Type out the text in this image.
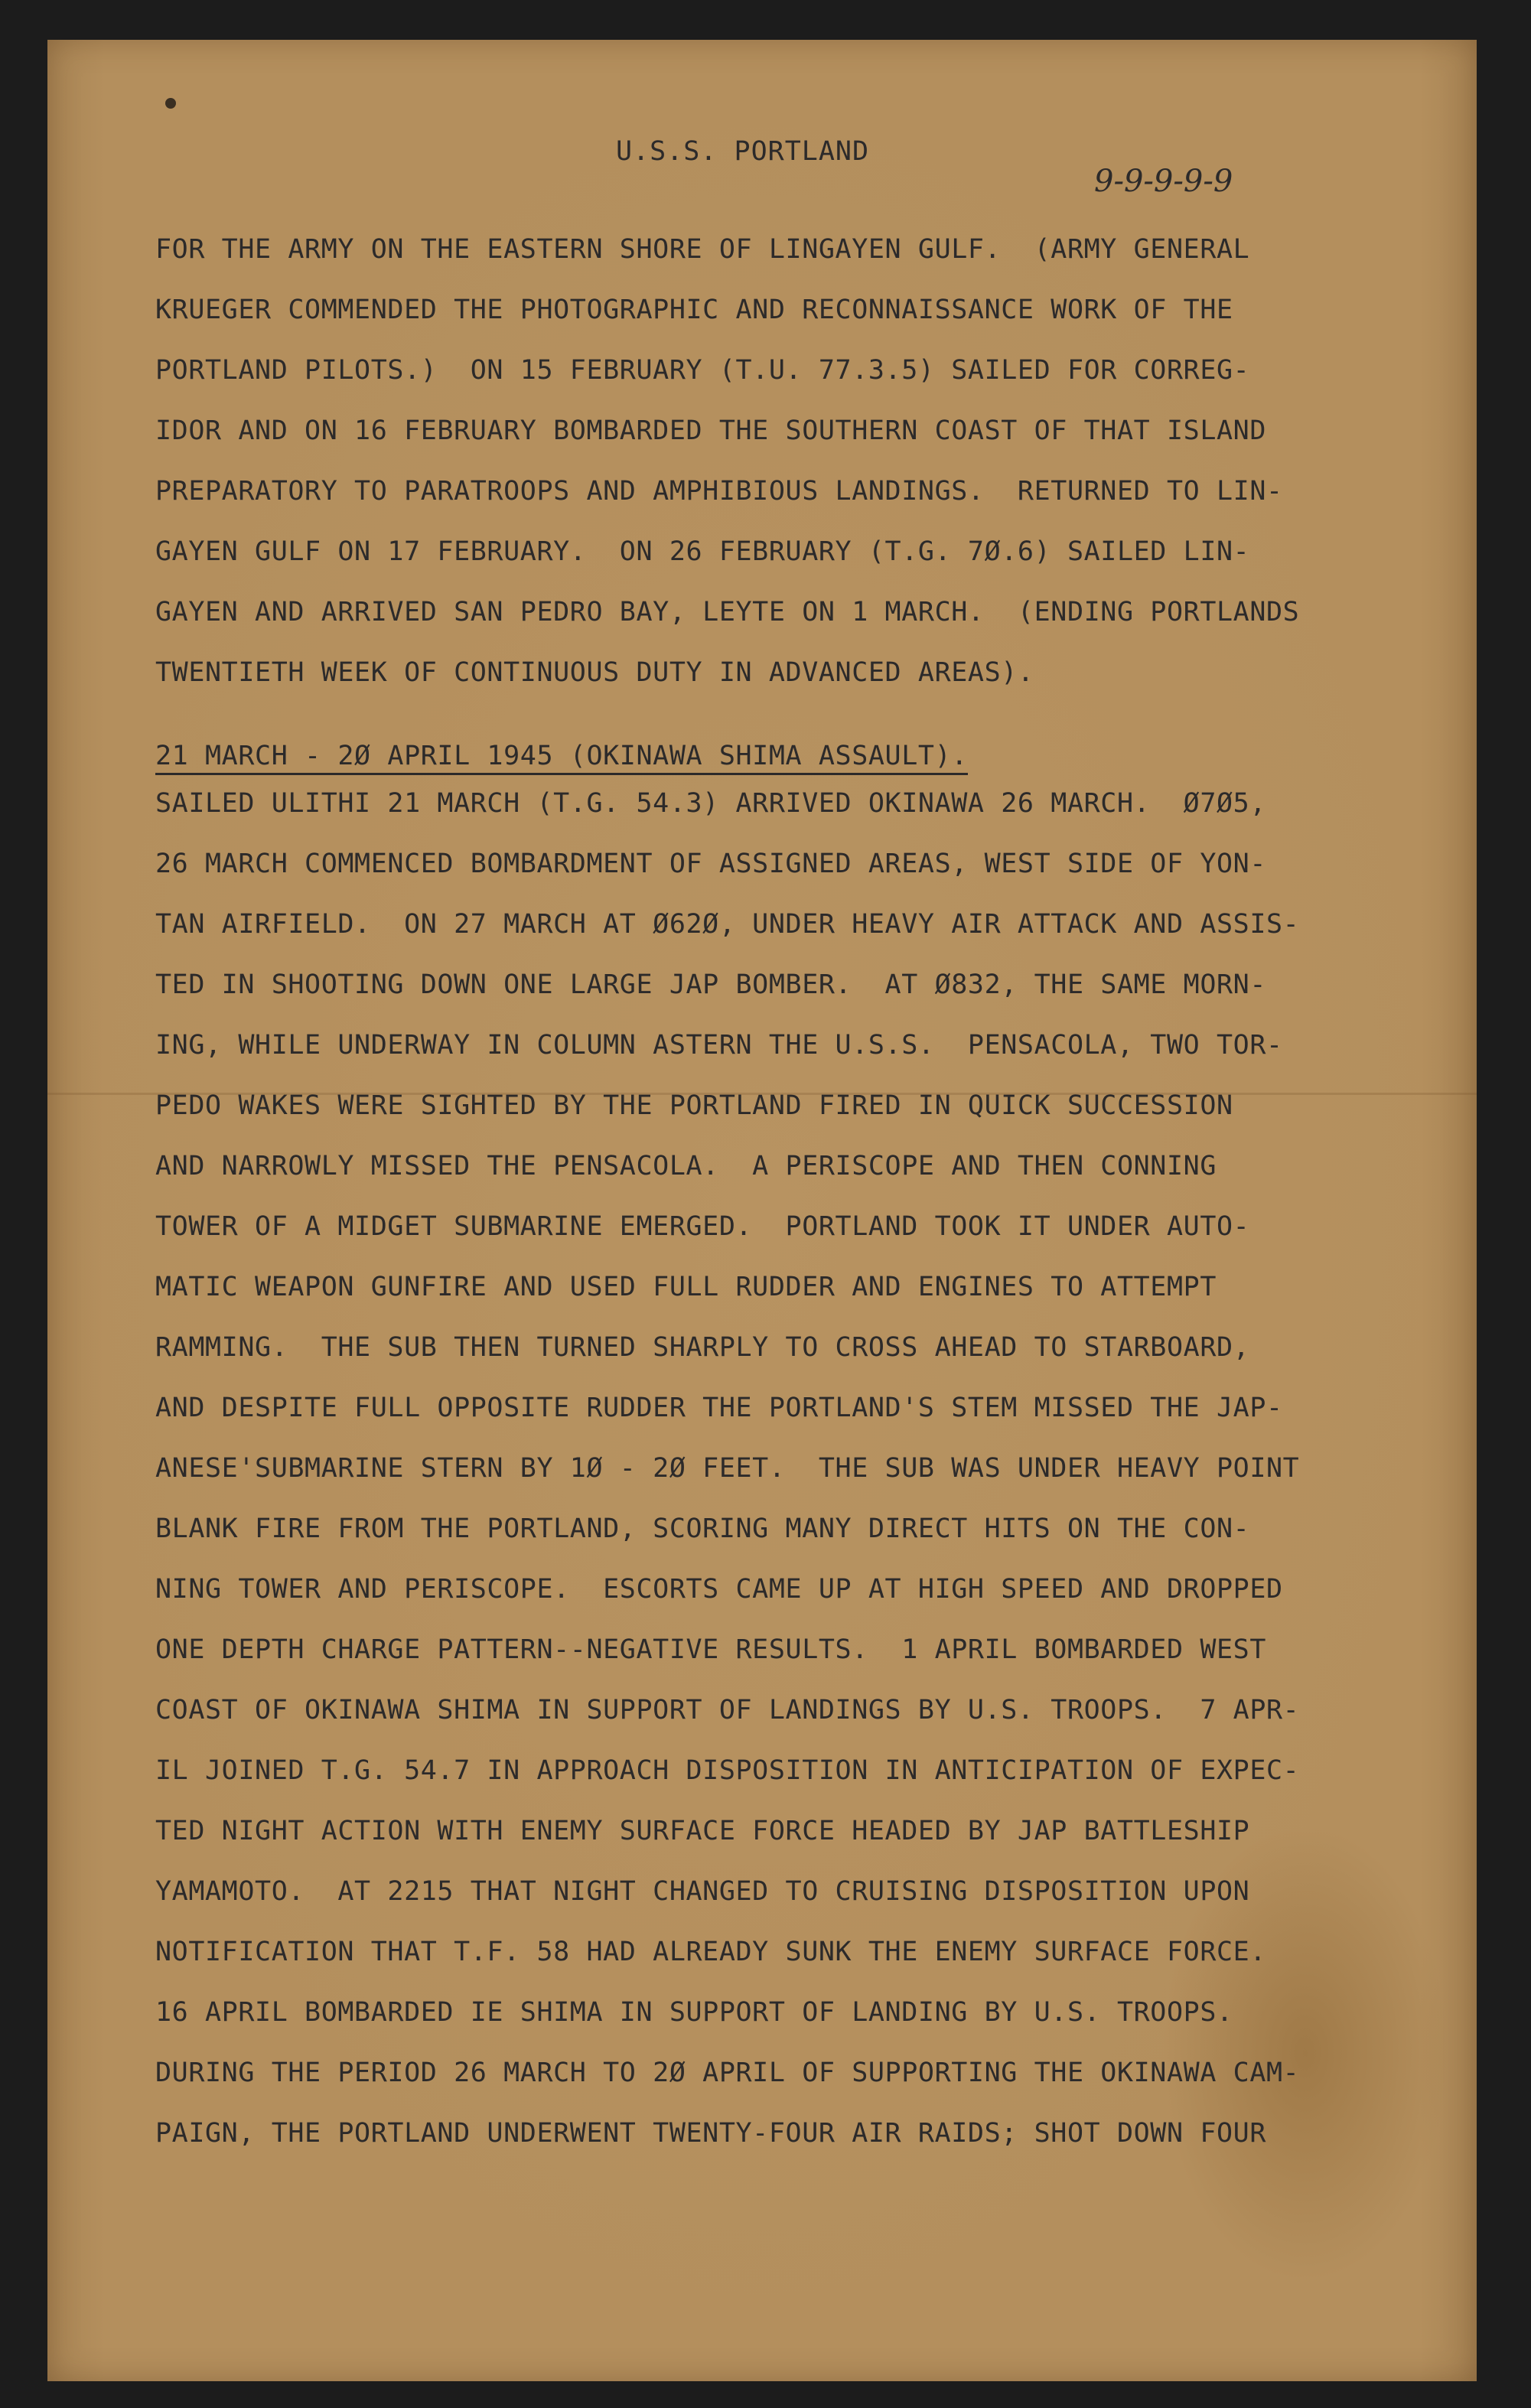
U.S.S. PORTLAND
9-9-9-9-9
FOR THE ARMY ON THE EASTERN SHORE OF LINGAYEN GULF.  (ARMY GENERAL
KRUEGER COMMENDED THE PHOTOGRAPHIC AND RECONNAISSANCE WORK OF THE
PORTLAND PILOTS.)  ON 15 FEBRUARY (T.U. 77.3.5) SAILED FOR CORREG-
IDOR AND ON 16 FEBRUARY BOMBARDED THE SOUTHERN COAST OF THAT ISLAND
PREPARATORY TO PARATROOPS AND AMPHIBIOUS LANDINGS.  RETURNED TO LIN-
GAYEN GULF ON 17 FEBRUARY.  ON 26 FEBRUARY (T.G. 7Ø.6) SAILED LIN-
GAYEN AND ARRIVED SAN PEDRO BAY, LEYTE ON 1 MARCH.  (ENDING PORTLANDS
TWENTIETH WEEK OF CONTINUOUS DUTY IN ADVANCED AREAS).
21 MARCH - 2Ø APRIL 1945 (OKINAWA SHIMA ASSAULT).
SAILED ULITHI 21 MARCH (T.G. 54.3) ARRIVED OKINAWA 26 MARCH.  Ø7Ø5,
26 MARCH COMMENCED BOMBARDMENT OF ASSIGNED AREAS, WEST SIDE OF YON-
TAN AIRFIELD.  ON 27 MARCH AT Ø62Ø, UNDER HEAVY AIR ATTACK AND ASSIS-
TED IN SHOOTING DOWN ONE LARGE JAP BOMBER.  AT Ø832, THE SAME MORN-
ING, WHILE UNDERWAY IN COLUMN ASTERN THE U.S.S.  PENSACOLA, TWO TOR-
PEDO WAKES WERE SIGHTED BY THE PORTLAND FIRED IN QUICK SUCCESSION
AND NARROWLY MISSED THE PENSACOLA.  A PERISCOPE AND THEN CONNING
TOWER OF A MIDGET SUBMARINE EMERGED.  PORTLAND TOOK IT UNDER AUTO-
MATIC WEAPON GUNFIRE AND USED FULL RUDDER AND ENGINES TO ATTEMPT
RAMMING.  THE SUB THEN TURNED SHARPLY TO CROSS AHEAD TO STARBOARD,
AND DESPITE FULL OPPOSITE RUDDER THE PORTLAND'S STEM MISSED THE JAP-
ANESE'SUBMARINE STERN BY 1Ø - 2Ø FEET.  THE SUB WAS UNDER HEAVY POINT
BLANK FIRE FROM THE PORTLAND, SCORING MANY DIRECT HITS ON THE CON-
NING TOWER AND PERISCOPE.  ESCORTS CAME UP AT HIGH SPEED AND DROPPED
ONE DEPTH CHARGE PATTERN--NEGATIVE RESULTS.  1 APRIL BOMBARDED WEST
COAST OF OKINAWA SHIMA IN SUPPORT OF LANDINGS BY U.S. TROOPS.  7 APR-
IL JOINED T.G. 54.7 IN APPROACH DISPOSITION IN ANTICIPATION OF EXPEC-
TED NIGHT ACTION WITH ENEMY SURFACE FORCE HEADED BY JAP BATTLESHIP
YAMAMOTO.  AT 2215 THAT NIGHT CHANGED TO CRUISING DISPOSITION UPON
NOTIFICATION THAT T.F. 58 HAD ALREADY SUNK THE ENEMY SURFACE FORCE.
16 APRIL BOMBARDED IE SHIMA IN SUPPORT OF LANDING BY U.S. TROOPS.
DURING THE PERIOD 26 MARCH TO 2Ø APRIL OF SUPPORTING THE OKINAWA CAM-
PAIGN, THE PORTLAND UNDERWENT TWENTY-FOUR AIR RAIDS; SHOT DOWN FOUR
